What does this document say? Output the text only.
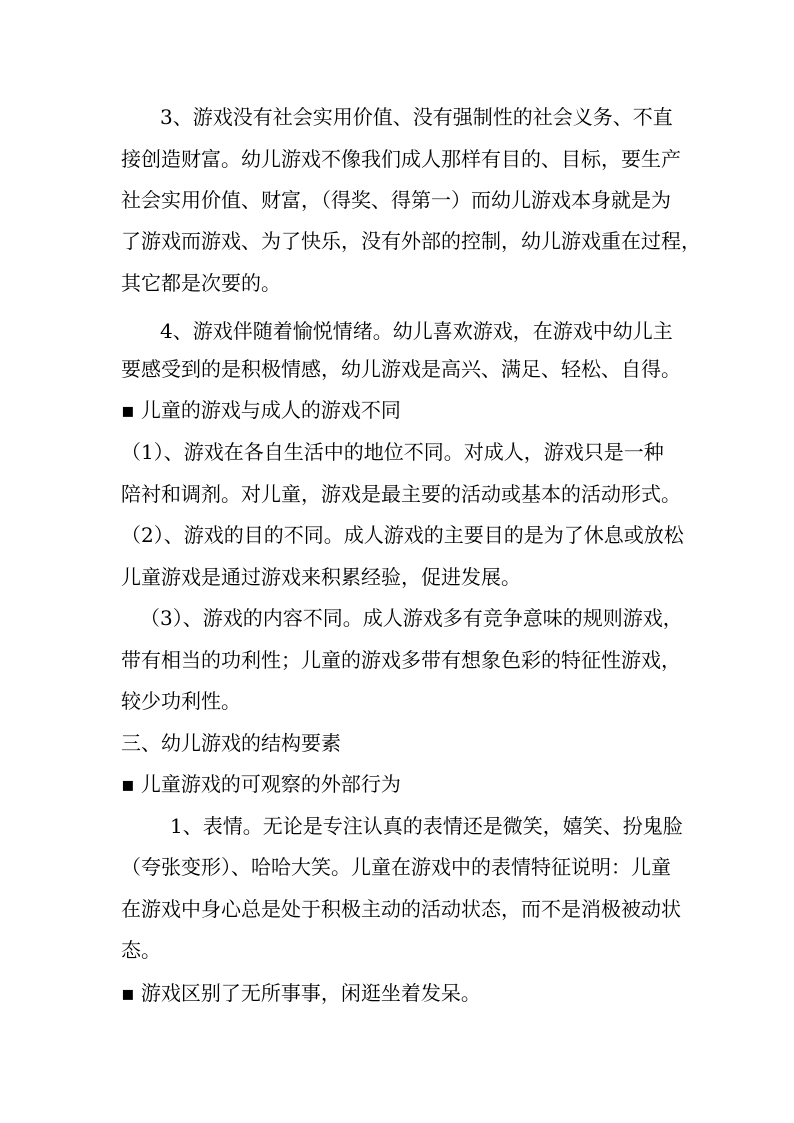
3、游戏没有社会实用价值、没有强制性的社会义务、不直
接创造财富。幼儿游戏不像我们成人那样有目的、目标，要生产
社会实用价值、财富，（得奖、得第一）而幼儿游戏本身就是为
了游戏而游戏、为了快乐，没有外部的控制，幼儿游戏重在过程，
其它都是次要的。
4、游戏伴随着愉悦情绪。幼儿喜欢游戏，在游戏中幼儿主
要感受到的是积极情感，幼儿游戏是高兴、满足、轻松、自得。
▪ 儿童的游戏与成人的游戏不同
（1）、游戏在各自生活中的地位不同。对成人，游戏只是一种
陪衬和调剂。对儿童，游戏是最主要的活动或基本的活动形式。
（2）、游戏的目的不同。成人游戏的主要目的是为了休息或放松
儿童游戏是通过游戏来积累经验，促进发展。
（3）、游戏的内容不同。成人游戏多有竞争意味的规则游戏，
带有相当的功利性；儿童的游戏多带有想象色彩的特征性游戏，
较少功利性。
三、幼儿游戏的结构要素
▪ 儿童游戏的可观察的外部行为
1、表情。无论是专注认真的表情还是微笑，嬉笑、扮鬼脸
（夸张变形）、哈哈大笑。儿童在游戏中的表情特征说明：儿童
在游戏中身心总是处于积极主动的活动状态，而不是消极被动状
态。
▪ 游戏区别了无所事事，闲逛坐着发呆。
